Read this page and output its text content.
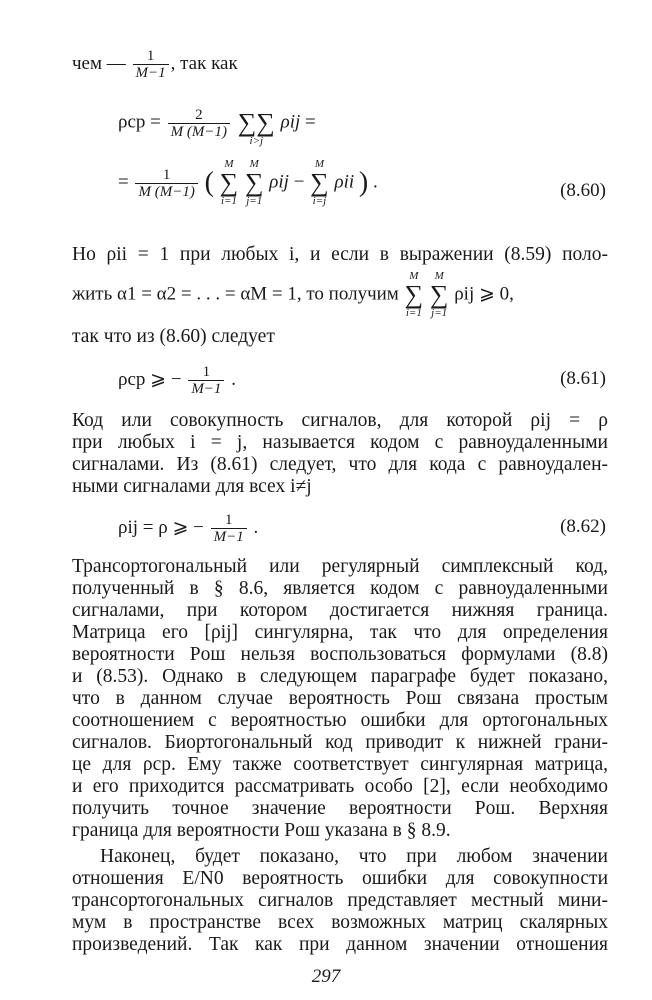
чем — $\frac{1}{M-1}$ , так как
$\rho ср = \frac{2}{M (M-1)}$
∑∑
i>j
ρij =
= $\frac{1}{M (M-1)}$ (
M
∑
i=1

M
∑
j=1
ρij −
M
∑
i=j
ρii ) .	(8.60)
Но ρii = 1 при любых i, и если в выражении (8.59) поло-
жить α1 = α2 = . . . = αM = 1, то получим
M
∑
i=1

M
∑
j=1
ρij ⩾ 0,
так что из (8.60) следует
ρср ⩾ − $\frac{1}{M-1}$ .	(8.61)
Код или совокупность сигналов, для которой ρij = ρ
при любых i = j, называется кодом с равноудаленными
сигналами. Из (8.61) следует, что для кода с равноудален-
ными сигналами для всех i≠j
ρij = ρ ⩾ − $\frac{1}{M-1}$ .	(8.62)
Трансортогональный или регулярный симплексный код,
полученный в § 8.6, является кодом с равноудаленными
сигналами, при котором достигается нижняя граница.
Матрица его [ρij] сингулярна, так что для определения
вероятности Pош нельзя воспользоваться формулами (8.8)
и (8.53). Однако в следующем параграфе будет показано,
что в данном случае вероятность Pош связана простым
соотношением с вероятностью ошибки для ортогональных
сигналов. Биортогональный код приводит к нижней грани-
це для ρср. Ему также соответствует сингулярная матрица,
и его приходится рассматривать особо [2], если необходимо
получить точное значение вероятности Pош. Верхняя
граница для вероятности Pош указана в § 8.9.
Наконец, будет показано, что при любом значении
отношения E/N0 вероятность ошибки для совокупности
трансортогональных сигналов представляет местный мини-
мум в пространстве всех возможных матриц скалярных
произведений. Так как при данном значении отношения
297
